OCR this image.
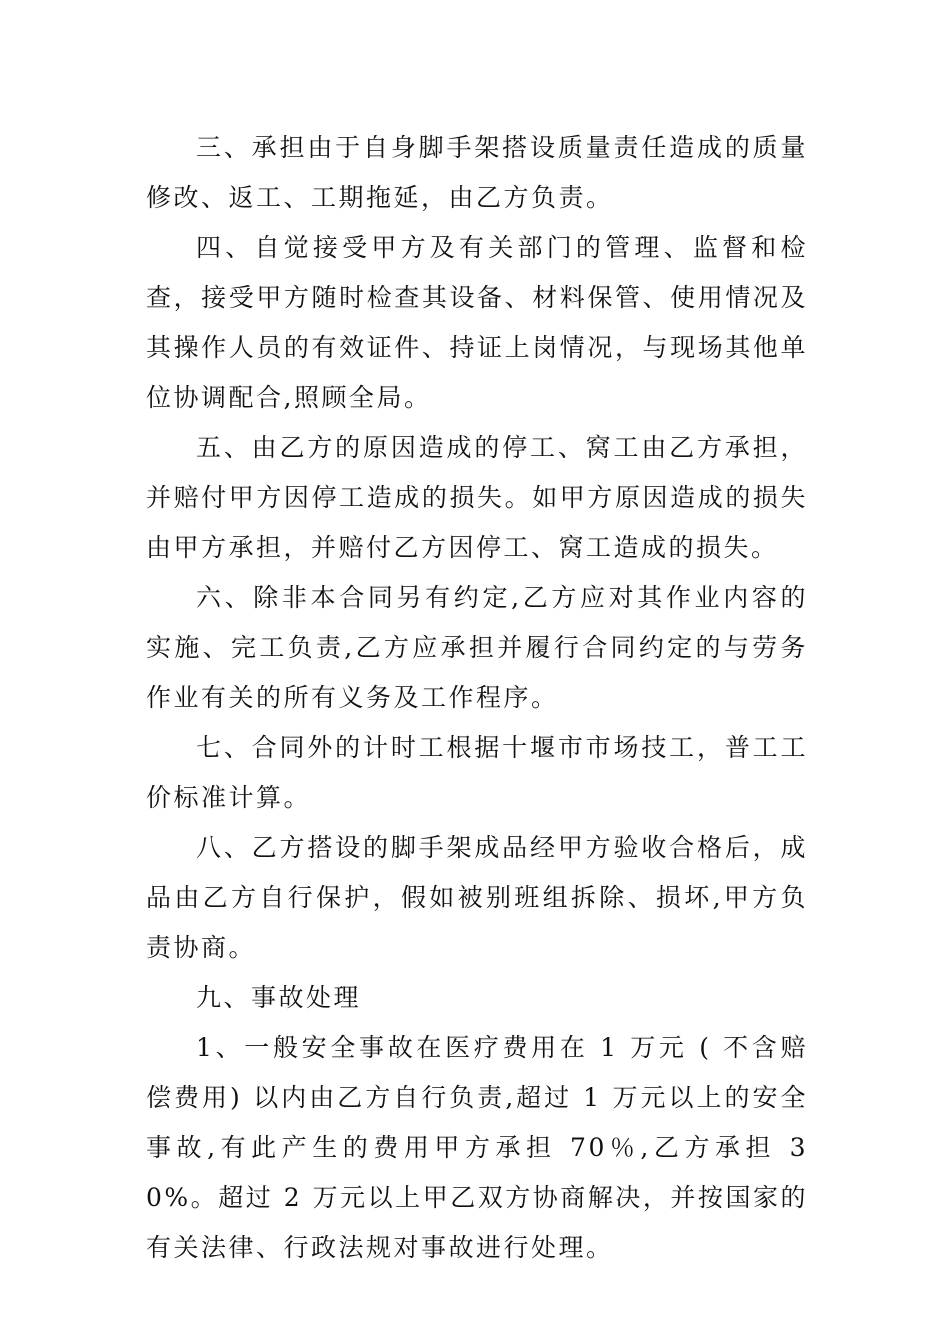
三、承担由于自身脚手架搭设质量责任造成的质量修改、返工、工期拖延，由乙方负责。

四、自觉接受甲方及有关部门的管理、监督和检查，接受甲方随时检查其设备、材料保管、使用情况及其操作人员的有效证件、持证上岗情况，与现场其他单位协调配合,照顾全局。

五、由乙方的原因造成的停工、窝工由乙方承担，并赔付甲方因停工造成的损失。如甲方原因造成的损失由甲方承担，并赔付乙方因停工、窝工造成的损失。

六、除非本合同另有约定,乙方应对其作业内容的实施、完工负责,乙方应承担并履行合同约定的与劳务作业有关的所有义务及工作程序。

七、合同外的计时工根据十堰市市场技工，普工工价标准计算。

八、乙方搭设的脚手架成品经甲方验收合格后，成品由乙方自行保护，假如被别班组拆除、损坏,甲方负责协商。

九、事故处理

1、一般安全事故在医疗费用在 1 万元 ( 不含赔偿费用) 以内由乙方自行负责,超过 1 万元以上的安全事故,有此产生的费用甲方承担 70％,乙方承担 30%。超过 2 万元以上甲乙双方协商解决，并按国家的有关法律、行政法规对事故进行处理。
